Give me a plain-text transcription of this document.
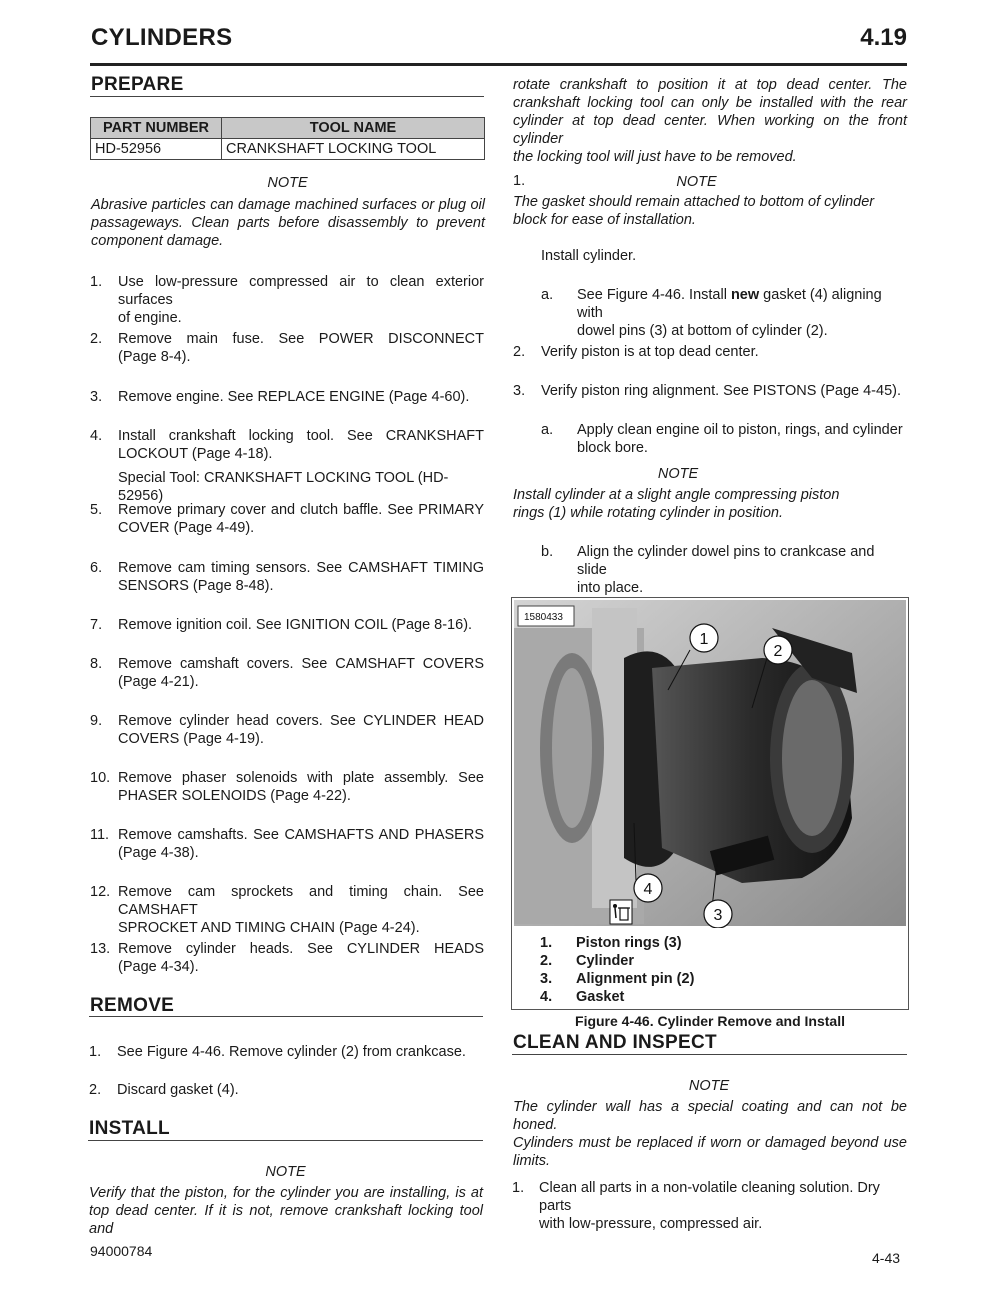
CYLINDERS	4.19
PREPARE
PART NUMBER	TOOL NAME
HD-52956	CRANKSHAFT LOCKING TOOL
NOTE
Abrasive particles can damage machined surfaces or plug oil
passageways. Clean parts before disassembly to prevent
component damage.
1. Use low-pressure compressed air to clean exterior surfaces
of engine.
2. Remove main fuse. See POWER DISCONNECT
(Page 8-4).
3. Remove engine. See REPLACE ENGINE (Page 4-60).
4. Install crankshaft locking tool. See CRANKSHAFT
LOCKOUT (Page 4-18).
Special Tool: CRANKSHAFT LOCKING TOOL (HD-52956)
5. Remove primary cover and clutch baffle. See PRIMARY
COVER (Page 4-49).
6. Remove cam timing sensors. See CAMSHAFT TIMING
SENSORS (Page 8-48).
7. Remove ignition coil. See IGNITION COIL (Page 8-16).
8. Remove camshaft covers. See CAMSHAFT COVERS
(Page 4-21).
9. Remove cylinder head covers. See CYLINDER HEAD
COVERS (Page 4-19).
10. Remove phaser solenoids with plate assembly. See
PHASER SOLENOIDS (Page 4-22).
11. Remove camshafts. See CAMSHAFTS AND PHASERS
(Page 4-38).
12. Remove cam sprockets and timing chain. See CAMSHAFT
SPROCKET AND TIMING CHAIN (Page 4-24).
13. Remove cylinder heads. See CYLINDER HEADS
(Page 4-34).
REMOVE
1. See Figure 4-46. Remove cylinder (2) from crankcase.
2. Discard gasket (4).
INSTALL
NOTE
Verify that the piston, for the cylinder you are installing, is at
top dead center. If it is not, remove crankshaft locking tool and
94000784	4-43
rotate crankshaft to position it at top dead center. The
crankshaft locking tool can only be installed with the rear
cylinder at top dead center. When working on the front cylinder
the locking tool will just have to be removed.
1.	NOTE
The gasket should remain attached to bottom of cylinder
block for ease of installation.
Install cylinder.
a. See Figure 4-46. Install new gasket (4) aligning with
dowel pins (3) at bottom of cylinder (2).
2. Verify piston is at top dead center.
3. Verify piston ring alignment. See PISTONS (Page 4-45).
a. Apply clean engine oil to piston, rings, and cylinder
block bore.
NOTE
Install cylinder at a slight angle compressing piston
rings (1) while rotating cylinder in position.
b. Align the cylinder dowel pins to crankcase and slide
into place.
1580433
1
2
3
4
1. Piston rings (3)
2. Cylinder
3. Alignment pin (2)
4. Gasket
Figure 4-46. Cylinder Remove and Install
CLEAN AND INSPECT
NOTE
The cylinder wall has a special coating and can not be honed.
Cylinders must be replaced if worn or damaged beyond use
limits.
1. Clean all parts in a non-volatile cleaning solution. Dry parts
with low-pressure, compressed air.
